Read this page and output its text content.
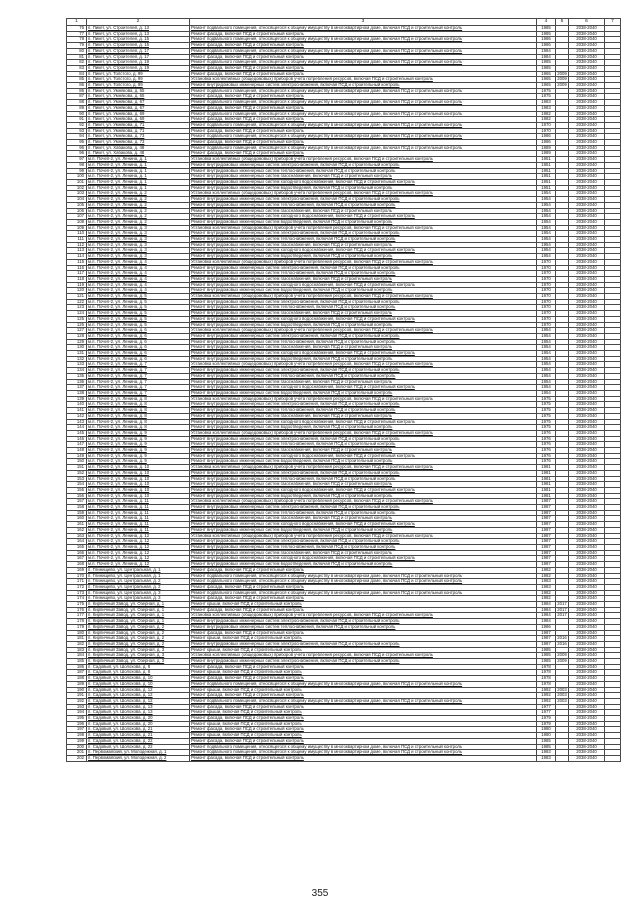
1	2	3	4	5	6	7
76	п. Пикет, ул. Строителей, д. 13	Ремонт подвального помещения, относящегося к общему имуществу в многоквартирном доме, включая ПСД и строительный контроль	1985		2038-2040	
77	п. Пикет, ул. Строителей, д. 13	Ремонт фасада, включая ПСД и строительный контроль	1985		2038-2040	
78	п. Пикет, ул. Строителей, д. 15	Ремонт подвального помещения, относящегося к общему имуществу в многоквартирном доме, включая ПСД и строительный контроль	1986		2038-2040	
79	п. Пикет, ул. Строителей, д. 15	Ремонт фасада, включая ПСД и строительный контроль	1986		2038-2040	
80	п. Пикет, ул. Строителей, д. 17	Ремонт подвального помещения, относящегося к общему имуществу в многоквартирном доме, включая ПСД и строительный контроль	1984		2038-2040	
81	п. Пикет, ул. Строителей, д. 17	Ремонт фасада, включая ПСД и строительный контроль	1984		2038-2040	
82	п. Пикет, ул. Строителей, д. 19	Ремонт подвального помещения, относящегося к общему имуществу в многоквартирном доме, включая ПСД и строительный контроль	1985		2038-2040	
83	п. Пикет, ул. Строителей, д. 19	Ремонт фасада, включая ПСД и строительный контроль	1985		2038-2040	
84	п. Пикет, ул. Толстого, д. 99	Ремонт фасада, включая ПСД и строительный контроль	1965	2009	2038-2040	
85	п. Пикет, ул. Толстого, д. 99	Установка коллективных (общедомовых) приборов учета потребления ресурсов, включая ПСД и строительный контроль	1965	2009	2038-2040	
86	п. Пикет, ул. Толстого, д. 99	Ремонт внутридомовых инженерных систем электроснабжения, включая ПСД и строительный контроль	1965	2009	2038-2040	
86	п. Пикет, ул. Умнякова, д. 65	Ремонт подвального помещения, относящегося к общему имуществу в многоквартирном доме, включая ПСД и строительный контроль	1975		2038-2040	
87	п. Пикет, ул. Умнякова, д. 65	Ремонт фасада, включая ПСД и строительный контроль	1975		2038-2040	
88	п. Пикет, ул. Умнякова, д. 67	Ремонт подвального помещения, относящегося к общему имуществу в многоквартирном доме, включая ПСД и строительный контроль	1983		2038-2040	
89	п. Пикет, ул. Умнякова, д. 67	Ремонт фасада, включая ПСД и строительный контроль	1983		2038-2040	
90	п. Пикет, ул. Умнякова, д. 69	Ремонт подвального помещения, относящегося к общему имуществу в многоквартирном доме, включая ПСД и строительный контроль	1982		2038-2040	
91	п. Пикет, ул. Умнякова, д. 69	Ремонт фасада, включая ПСД и строительный контроль	1982		2038-2040	
92	п. Пикет, ул. Умнякова, д. 71	Ремонт подвального помещения, относящегося к общему имуществу в многоквартирном доме, включая ПСД и строительный контроль	1970		2038-2040	
93	п. Пикет, ул. Умнякова, д. 71	Ремонт фасада, включая ПСД и строительный контроль	1970		2038-2040	
94	п. Пикет, ул. Умнякова, д. 73	Ремонт подвального помещения, относящегося к общему имуществу в многоквартирном доме, включая ПСД и строительный контроль	1986		2038-2040	
95	п. Пикет, ул. Умнякова, д. 73	Ремонт фасада, включая ПСД и строительный контроль	1986		2038-2040	
96	п. Пикет, ул. Хабакова, д. 48	Ремонт подвального помещения, относящегося к общему имуществу в многоквартирном доме, включая ПСД и строительный контроль	1989		2038-2040	
96	п. Пикет, ул. Хабакова, д. 48	Ремонт фасада, включая ПСД и строительный контроль	1989		2038-2040	
97	м.п. Почеп-2, ул. Ленина, д. 1	Установка коллективных (общедомовых) приборов учета потребления ресурсов, включая ПСД и строительный контроль	1951		2038-2040	
98	м.п. Почеп-2, ул. Ленина, д. 1	Ремонт внутридомовых инженерных систем электроснабжения, включая ПСД и строительный контроль	1951		2038-2040	
99	м.п. Почеп-2, ул. Ленина, д. 1	Ремонт внутридомовых инженерных систем теплоснабжения, включая ПСД и строительный контроль	1951		2038-2040	
100	м.п. Почеп-2, ул. Ленина, д. 1	Ремонт внутридомовых инженерных систем газоснабжения, включая ПСД и строительный контроль	1951		2038-2040	
101	м.п. Почеп-2, ул. Ленина, д. 1	Ремонт внутридомовых инженерных систем холодного водоснабжения, включая ПСД и строительный контроль	1951		2038-2040	
102	м.п. Почеп-2, ул. Ленина, д. 1	Ремонт внутридомовых инженерных систем водоотведения, включая ПСД и строительный контроль	1951		2038-2040	
103	м.п. Почеп-2, ул. Ленина, д. 2	Установка коллективных (общедомовых) приборов учета потребления ресурсов, включая ПСД и строительный контроль	1954		2038-2040	
104	м.п. Почеп-2, ул. Ленина, д. 2	Ремонт внутридомовых инженерных систем электроснабжения, включая ПСД и строительный контроль	1954		2038-2040	
105	м.п. Почеп-2, ул. Ленина, д. 2	Ремонт внутридомовых инженерных систем теплоснабжения, включая ПСД и строительный контроль	1954		2038-2040	
106	м.п. Почеп-2, ул. Ленина, д. 2	Ремонт внутридомовых инженерных систем газоснабжения, включая ПСД и строительный контроль	1954		2038-2040	
107	м.п. Почеп-2, ул. Ленина, д. 2	Ремонт внутридомовых инженерных систем холодного водоснабжения, включая ПСД и строительный контроль	1954		2038-2040	
108	м.п. Почеп-2, ул. Ленина, д. 2	Ремонт внутридомовых инженерных систем водоотведения, включая ПСД и строительный контроль	1954		2038-2040	
109	м.п. Почеп-2, ул. Ленина, д. 3	Установка коллективных (общедомовых) приборов учета потребления ресурсов, включая ПСД и строительный контроль	1954		2038-2040	
110	м.п. Почеп-2, ул. Ленина, д. 3	Ремонт внутридомовых инженерных систем электроснабжения, включая ПСД и строительный контроль	1954		2038-2040	
111	м.п. Почеп-2, ул. Ленина, д. 3	Ремонт внутридомовых инженерных систем теплоснабжения, включая ПСД и строительный контроль	1954		2038-2040	
112	м.п. Почеп-2, ул. Ленина, д. 3	Ремонт внутридомовых инженерных систем газоснабжения, включая ПСД и строительный контроль	1954		2038-2040	
113	м.п. Почеп-2, ул. Ленина, д. 3	Ремонт внутридомовых инженерных систем холодного водоснабжения, включая ПСД и строительный контроль	1954		2038-2040	
114	м.п. Почеп-2, ул. Ленина, д. 3	Ремонт внутридомовых инженерных систем водоотведения, включая ПСД и строительный контроль	1954		2038-2040	
115	м.п. Почеп-2, ул. Ленина, д. 4	Установка коллективных (общедомовых) приборов учета потребления ресурсов, включая ПСД и строительный контроль	1970		2038-2040	
116	м.п. Почеп-2, ул. Ленина, д. 4	Ремонт внутридомовых инженерных систем электроснабжения, включая ПСД и строительный контроль	1970		2038-2040	
117	м.п. Почеп-2, ул. Ленина, д. 4	Ремонт внутридомовых инженерных систем теплоснабжения, включая ПСД и строительный контроль	1970		2038-2040	
118	м.п. Почеп-2, ул. Ленина, д. 4	Ремонт внутридомовых инженерных систем газоснабжения, включая ПСД и строительный контроль	1970		2038-2040	
119	м.п. Почеп-2, ул. Ленина, д. 4	Ремонт внутридомовых инженерных систем холодного водоснабжения, включая ПСД и строительный контроль	1970		2038-2040	
120	м.п. Почеп-2, ул. Ленина, д. 4	Ремонт внутридомовых инженерных систем водоотведения, включая ПСД и строительный контроль	1970		2038-2040	
121	м.п. Почеп-2, ул. Ленина, д. 5	Установка коллективных (общедомовых) приборов учета потребления ресурсов, включая ПСД и строительный контроль	1970		2038-2040	
122	м.п. Почеп-2, ул. Ленина, д. 5	Ремонт внутридомовых инженерных систем электроснабжения, включая ПСД и строительный контроль	1970		2038-2040	
123	м.п. Почеп-2, ул. Ленина, д. 5	Ремонт внутридомовых инженерных систем теплоснабжения, включая ПСД и строительный контроль	1970		2038-2040	
124	м.п. Почеп-2, ул. Ленина, д. 5	Ремонт внутридомовых инженерных систем газоснабжения, включая ПСД и строительный контроль	1970		2038-2040	
125	м.п. Почеп-2, ул. Ленина, д. 5	Ремонт внутридомовых инженерных систем холодного водоснабжения, включая ПСД и строительный контроль	1970		2038-2040	
126	м.п. Почеп-2, ул. Ленина, д. 5	Ремонт внутридомовых инженерных систем водоотведения, включая ПСД и строительный контроль	1970		2038-2040	
127	м.п. Почеп-2, ул. Ленина, д. 6	Установка коллективных (общедомовых) приборов учета потребления ресурсов, включая ПСД и строительный контроль	1954		2038-2040	
128	м.п. Почеп-2, ул. Ленина, д. 6	Ремонт внутридомовых инженерных систем электроснабжения, включая ПСД и строительный контроль	1954		2038-2040	
129	м.п. Почеп-2, ул. Ленина, д. 6	Ремонт внутридомовых инженерных систем теплоснабжения, включая ПСД и строительный контроль	1954		2038-2040	
130	м.п. Почеп-2, ул. Ленина, д. 6	Ремонт внутридомовых инженерных систем газоснабжения, включая ПСД и строительный контроль	1954		2038-2040	
131	м.п. Почеп-2, ул. Ленина, д. 6	Ремонт внутридомовых инженерных систем холодного водоснабжения, включая ПСД и строительный контроль	1954		2038-2040	
132	м.п. Почеп-2, ул. Ленина, д. 6	Ремонт внутридомовых инженерных систем водоотведения, включая ПСД и строительный контроль	1954		2038-2040	
133	м.п. Почеп-2, ул. Ленина, д. 7	Установка коллективных (общедомовых) приборов учета потребления ресурсов, включая ПСД и строительный контроль	1954		2038-2040	
134	м.п. Почеп-2, ул. Ленина, д. 7	Ремонт внутридомовых инженерных систем электроснабжения, включая ПСД и строительный контроль	1954		2038-2040	
135	м.п. Почеп-2, ул. Ленина, д. 7	Ремонт внутридомовых инженерных систем теплоснабжения, включая ПСД и строительный контроль	1954		2038-2040	
136	м.п. Почеп-2, ул. Ленина, д. 7	Ремонт внутридомовых инженерных систем газоснабжения, включая ПСД и строительный контроль	1954		2038-2040	
137	м.п. Почеп-2, ул. Ленина, д. 7	Ремонт внутридомовых инженерных систем холодного водоснабжения, включая ПСД и строительный контроль	1954		2038-2040	
138	м.п. Почеп-2, ул. Ленина, д. 7	Ремонт внутридомовых инженерных систем водоотведения, включая ПСД и строительный контроль	1954		2038-2040	
139	м.п. Почеп-2, ул. Ленина, д. 8	Установка коллективных (общедомовых) приборов учета потребления ресурсов, включая ПСД и строительный контроль	1975		2038-2040	
140	м.п. Почеп-2, ул. Ленина, д. 8	Ремонт внутридомовых инженерных систем электроснабжения, включая ПСД и строительный контроль	1975		2038-2040	
141	м.п. Почеп-2, ул. Ленина, д. 8	Ремонт внутридомовых инженерных систем теплоснабжения, включая ПСД и строительный контроль	1975		2038-2040	
142	м.п. Почеп-2, ул. Ленина, д. 8	Ремонт внутридомовых инженерных систем газоснабжения, включая ПСД и строительный контроль	1975		2038-2040	
143	м.п. Почеп-2, ул. Ленина, д. 8	Ремонт внутридомовых инженерных систем холодного водоснабжения, включая ПСД и строительный контроль	1975		2038-2040	
144	м.п. Почеп-2, ул. Ленина, д. 8	Ремонт внутридомовых инженерных систем водоотведения, включая ПСД и строительный контроль	1975		2038-2040	
145	м.п. Почеп-2, ул. Ленина, д. 9	Установка коллективных (общедомовых) приборов учета потребления ресурсов, включая ПСД и строительный контроль	1976		2038-2040	
146	м.п. Почеп-2, ул. Ленина, д. 9	Ремонт внутридомовых инженерных систем электроснабжения, включая ПСД и строительный контроль	1976		2038-2040	
147	м.п. Почеп-2, ул. Ленина, д. 9	Ремонт внутридомовых инженерных систем теплоснабжения, включая ПСД и строительный контроль	1976		2038-2040	
148	м.п. Почеп-2, ул. Ленина, д. 9	Ремонт внутридомовых инженерных систем газоснабжения, включая ПСД и строительный контроль	1976		2038-2040	
149	м.п. Почеп-2, ул. Ленина, д. 9	Ремонт внутридомовых инженерных систем холодного водоснабжения, включая ПСД и строительный контроль	1976		2038-2040	
150	м.п. Почеп-2, ул. Ленина, д. 9	Ремонт внутридомовых инженерных систем водоотведения, включая ПСД и строительный контроль	1976		2038-2040	
151	м.п. Почеп-2, ул. Ленина, д. 10	Установка коллективных (общедомовых) приборов учета потребления ресурсов, включая ПСД и строительный контроль	1981		2038-2040	
152	м.п. Почеп-2, ул. Ленина, д. 10	Ремонт внутридомовых инженерных систем электроснабжения, включая ПСД и строительный контроль	1981		2038-2040	
153	м.п. Почеп-2, ул. Ленина, д. 10	Ремонт внутридомовых инженерных систем теплоснабжения, включая ПСД и строительный контроль	1981		2038-2040	
154	м.п. Почеп-2, ул. Ленина, д. 10	Ремонт внутридомовых инженерных систем газоснабжения, включая ПСД и строительный контроль	1981		2038-2040	
155	м.п. Почеп-2, ул. Ленина, д. 10	Ремонт внутридомовых инженерных систем холодного водоснабжения, включая ПСД и строительный контроль	1981		2038-2040	
156	м.п. Почеп-2, ул. Ленина, д. 10	Ремонт внутридомовых инженерных систем водоотведения, включая ПСД и строительный контроль	1981		2038-2040	
157	м.п. Почеп-2, ул. Ленина, д. 11	Установка коллективных (общедомовых) приборов учета потребления ресурсов, включая ПСД и строительный контроль	1987		2038-2040	
158	м.п. Почеп-2, ул. Ленина, д. 11	Ремонт внутридомовых инженерных систем электроснабжения, включая ПСД и строительный контроль	1987		2038-2040	
159	м.п. Почеп-2, ул. Ленина, д. 11	Ремонт внутридомовых инженерных систем теплоснабжения, включая ПСД и строительный контроль	1987		2038-2040	
160	м.п. Почеп-2, ул. Ленина, д. 11	Ремонт внутридомовых инженерных систем газоснабжения, включая ПСД и строительный контроль	1987		2038-2040	
161	м.п. Почеп-2, ул. Ленина, д. 11	Ремонт внутридомовых инженерных систем холодного водоснабжения, включая ПСД и строительный контроль	1987		2038-2040	
162	м.п. Почеп-2, ул. Ленина, д. 11	Ремонт внутридомовых инженерных систем водоотведения, включая ПСД и строительный контроль	1987		2038-2040	
163	м.п. Почеп-2, ул. Ленина, д. 12	Установка коллективных (общедомовых) приборов учета потребления ресурсов, включая ПСД и строительный контроль	1987		2038-2040	
164	м.п. Почеп-2, ул. Ленина, д. 12	Ремонт внутридомовых инженерных систем электроснабжения, включая ПСД и строительный контроль	1987		2038-2040	
165	м.п. Почеп-2, ул. Ленина, д. 12	Ремонт внутридомовых инженерных систем теплоснабжения, включая ПСД и строительный контроль	1987		2038-2040	
166	м.п. Почеп-2, ул. Ленина, д. 12	Ремонт внутридомовых инженерных систем газоснабжения, включая ПСД и строительный контроль	1987		2038-2040	
167	м.п. Почеп-2, ул. Ленина, д. 12	Ремонт внутридомовых инженерных систем холодного водоснабжения, включая ПСД и строительный контроль	1987		2038-2040	
168	м.п. Почеп-2, ул. Ленина, д. 12	Ремонт внутридомовых инженерных систем водоотведения, включая ПСД и строительный контроль	1987		2038-2040	
169	п. Глинищево, ул. Центральная, д. 1	Ремонт фасада, включая ПСД и строительный контроль	1982		2038-2040	
170	п. Глинищево, ул. Центральная, д. 1	Ремонт подвального помещения, относящегося к общему имуществу в многоквартирном доме, включая ПСД и строительный контроль	1982		2038-2040	
171	п. Глинищево, ул. Центральная, д. 2	Ремонт подвального помещения, относящегося к общему имуществу в многоквартирном доме, включая ПСД и строительный контроль	1983		2038-2040	
172	п. Глинищево, ул. Центральная, д. 2	Ремонт фасада, включая ПСД и строительный контроль	1983		2038-2040	
173	п. Глинищево, ул. Центральная, д. 3	Ремонт подвального помещения, относящегося к общему имуществу в многоквартирном доме, включая ПСД и строительный контроль	1982		2038-2040	
174	п. Глинищево, ул. Центральная, д. 3	Ремонт фасада, включая ПСД и строительный контроль	1982		2038-2040	
175	п. Кирпичный Завод, ул. Озерная, д. 1	Ремонт крыши, включая ПСД и строительный контроль	1984	2017	2038-2040	
176	п. Кирпичный Завод, ул. Озерная, д. 1	Ремонт фасада, включая ПСД и строительный контроль	1984	2017	2038-2040	
177	п. Кирпичный Завод, ул. Озерная, д. 1	Установка коллективных (общедомовых) приборов учета потребления ресурсов, включая ПСД и строительный контроль	1984	2017	2038-2040	
178	п. Кирпичный Завод, ул. Озерная, д. 1	Ремонт внутридомовых инженерных систем электроснабжения, включая ПСД и строительный контроль	1984		2038-2040	
179	п. Кирпичный Завод, ул. Озерная, д. 2	Ремонт внутридомовых инженерных систем теплоснабжения, включая ПСД и строительный контроль	1986		2038-2040	
180	п. Кирпичный Завод, ул. Озерная, д. 2	Ремонт фасада, включая ПСД и строительный контроль	1987		2038-2040	
181	п. Кирпичный Завод, ул. Озерная, д. 2	Ремонт крыши, включая ПСД и строительный контроль	1987	2016	2038-2040	
182	п. Кирпичный Завод, ул. Озерная, д. 2	Ремонт внутридомовых инженерных систем электроснабжения, включая ПСД и строительный контроль	1987	2016	2038-2040	
183	п. Кирпичный Завод, ул. Озерная, д. 3	Ремонт крыши, включая ПСД и строительный контроль	1985		2038-2040	
184	п. Кирпичный Завод, ул. Озерная, д. 3	Установка коллективных (общедомовых) приборов учета потребления ресурсов, включая ПСД и строительный контроль	1985	2009	2038-2040	
185	п. Кирпичный Завод, ул. Озерная, д. 3	Ремонт внутридомовых инженерных систем электроснабжения, включая ПСД и строительный контроль	1985	2009	2038-2040	
186	п. Садовый, ул. Шолохова, д. 8	Ремонт фасада, включая ПСД и строительный контроль	1978		2038-2040	
187	п. Садовый, ул. Шолохова, д. 8	Ремонт крыши, включая ПСД и строительный контроль	1978		2038-2040	
188	п. Садовый, ул. Шолохова, д. 10	Ремонт фасада, включая ПСД и строительный контроль	1978		2038-2040	
189	п. Садовый, ул. Шолохова, д. 10	Ремонт подвального помещения, относящегося к общему имуществу в многоквартирном доме, включая ПСД и строительный контроль	1978		2038-2040	
190	п. Садовый, ул. Шолохова, д. 12	Ремонт крыши, включая ПСД и строительный контроль	1992	2003	2038-2040	
191	п. Садовый, ул. Шолохова, д. 12	Ремонт фасада, включая ПСД и строительный контроль	1992	2003	2038-2040	
192	п. Садовый, ул. Шолохова, д. 12	Ремонт подвального помещения, относящегося к общему имуществу в многоквартирном доме, включая ПСД и строительный контроль	1992	2003	2038-2040	
193	п. Садовый, ул. Шолохова, д. 13	Ремонт фасада, включая ПСД и строительный контроль	1977		2038-2040	
194	п. Садовый, ул. Шолохова, д. 13	Ремонт крыши, включая ПСД и строительный контроль	1977		2038-2040	
195	п. Садовый, ул. Шолохова, д. 20	Ремонт фасада, включая ПСД и строительный контроль	1979		2038-2040	
196	п. Садовый, ул. Шолохова, д. 20	Ремонт крыши, включая ПСД и строительный контроль	1979		2038-2040	
197	п. Садовый, ул. Шолохова, д. 21	Ремонт фасада, включая ПСД и строительный контроль	1980		2038-2040	
198	п. Садовый, ул. Шолохова, д. 21	Ремонт крыши, включая ПСД и строительный контроль	1980		2038-2040	
199	п. Садовый, ул. Шолохова, д. 22	Ремонт фасада, включая ПСД и строительный контроль	1985		2038-2040	
200	п. Садовый, ул. Шолохова, д. 22	Ремонт подвального помещения, относящегося к общему имуществу в многоквартирном доме, включая ПСД и строительный контроль	1985		2038-2040	
201	п. Первомайский, ул. Молодежная, д. 1	Ремонт подвального помещения, относящегося к общему имуществу в многоквартирном доме, включая ПСД и строительный контроль	1983		2038-2040	
202	п. Первомайский, ул. Молодежная, д. 2	Ремонт фасада, включая ПСД и строительный контроль	1983		2038-2040	
355
